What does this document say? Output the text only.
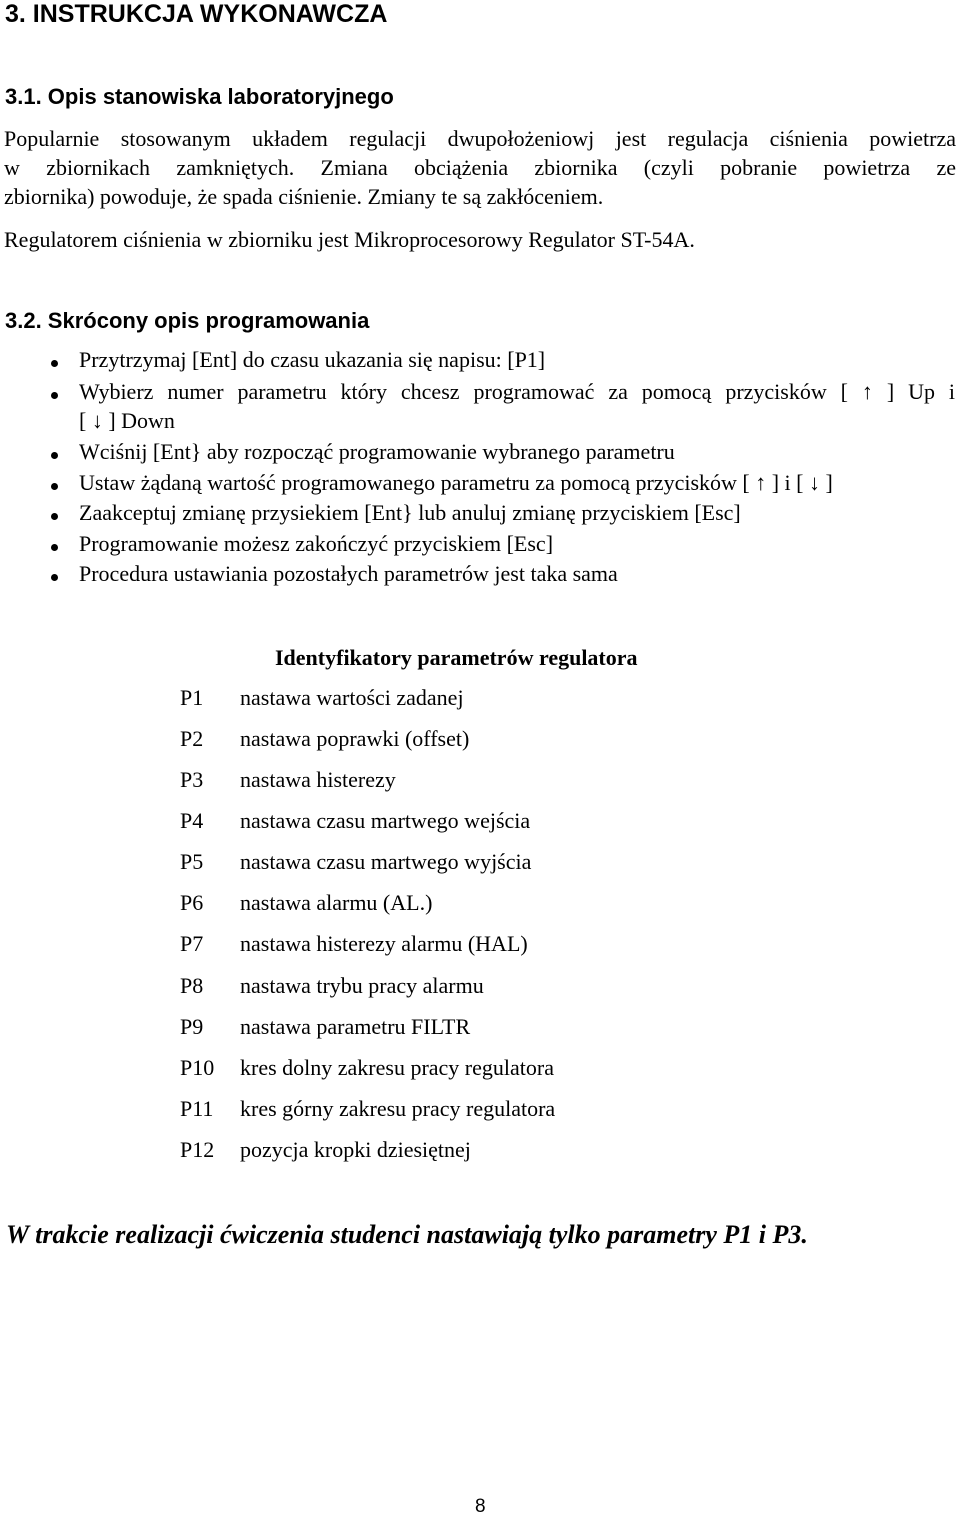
3. INSTRUKCJA WYKONAWCZA
3.1. Opis stanowiska laboratoryjnego
Popularnie stosowanym układem regulacji dwupołożeniowj jest regulacja ciśnienia powietrza
w zbiornikach zamkniętych. Zmiana obciążenia zbiornika (czyli pobranie powietrza ze
zbiornika) powoduje, że spada ciśnienie. Zmiany te są zakłóceniem.
Regulatorem ciśnienia w zbiorniku jest Mikroprocesorowy Regulator ST-54A.
3.2. Skrócony opis programowania
Przytrzymaj [Ent] do czasu ukazania się napisu: [P1]
Wybierz numer parametru który chcesz programować za pomocą przycisków [ ↑ ] Up i
[ ↓ ] Down
Wciśnij [Ent} aby rozpocząć programowanie wybranego parametru
Ustaw żądaną wartość programowanego parametru za pomocą przycisków [ ↑ ] i [ ↓ ]
Zaakceptuj zmianę przysiekiem [Ent} lub anuluj zmianę przyciskiem [Esc]
Programowanie możesz zakończyć przyciskiem [Esc]
Procedura ustawiania pozostałych parametrów jest taka sama
Identyfikatory parametrów regulatora
P1 nastawa wartości zadanej
P2 nastawa poprawki (offset)
P3 nastawa histerezy
P4 nastawa czasu martwego wejścia
P5 nastawa czasu martwego wyjścia
P6 nastawa alarmu (AL.)
P7 nastawa histerezy alarmu (HAL)
P8 nastawa trybu pracy alarmu
P9 nastawa parametru FILTR
P10 kres dolny zakresu pracy regulatora
P11 kres górny zakresu pracy regulatora
P12 pozycja kropki dziesiętnej
W trakcie realizacji ćwiczenia studenci nastawiają tylko parametry P1 i P3.
8
